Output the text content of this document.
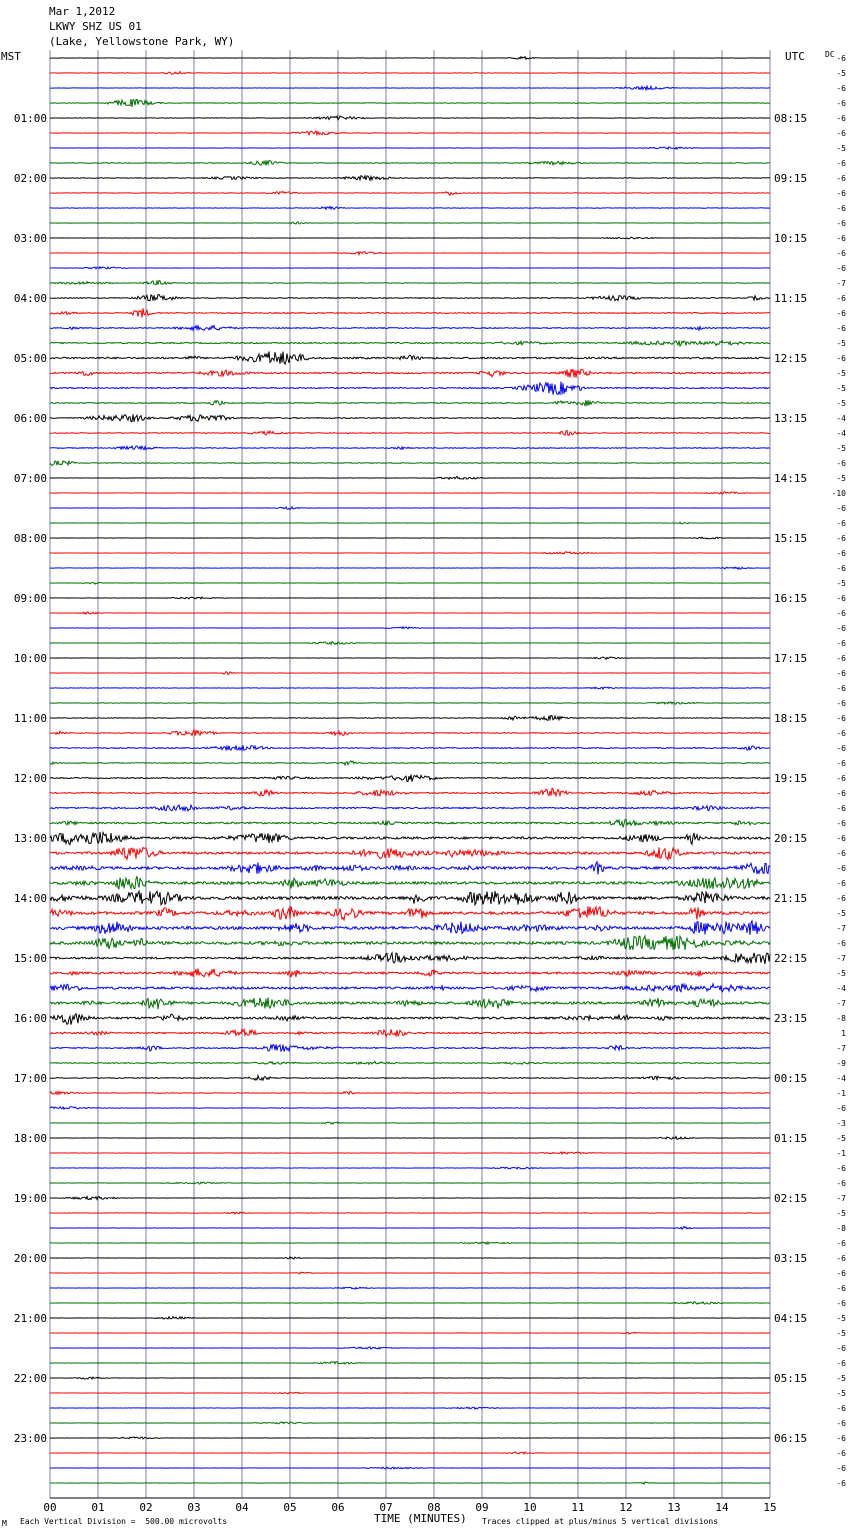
Mar 1,2012
LKWY SHZ US 01
(Lake, Yellowstone Park, WY)
MST	UTC	DC
00	01	02	03	04	05	06	07	08	09	10	11	12	13	14	15
-6
-5
-6
-6
-6
-6
-5
-6
-6
-6
-6
-6
-6
-6
-6
-7
-6
-6
-6
-5
-6
-5
-5
-5
-4
-4
-5
-6
-5
-10
-6
-6
-6
-6
-6
-5
-6
-6
-6
-6
-6
-6
-6
-6
-6
-6
-6
-6
-6
-6
-6
-6
-6
-6
-6
-6
-6
-5
-7
-6
-7
-5
-4
-7
-8
1
-7
-9
-4
-1
-6
-3
-5
-1
-6
-6
-7
-5
-8
-6
-6
-6
-6
-6
-5
-5
-6
-6
-5
-5
-6
-6
-6
-6
-6
-6
01:00
02:00
03:00
04:00
05:00
06:00
07:00
08:00
09:00
10:00
11:00
12:00
13:00
14:00
15:00
16:00
17:00
18:00
19:00
20:00
21:00
22:00
23:00
08:15
09:15
10:15
11:15
12:15
13:15
14:15
15:15
16:15
17:15
18:15
19:15
20:15
21:15
22:15
23:15
00:15
01:15
02:15
03:15
04:15
05:15
06:15
M Each Vertical Division =  500.00 microvolts	TIME (MINUTES) Traces clipped at plus/minus 5 vertical divisions
